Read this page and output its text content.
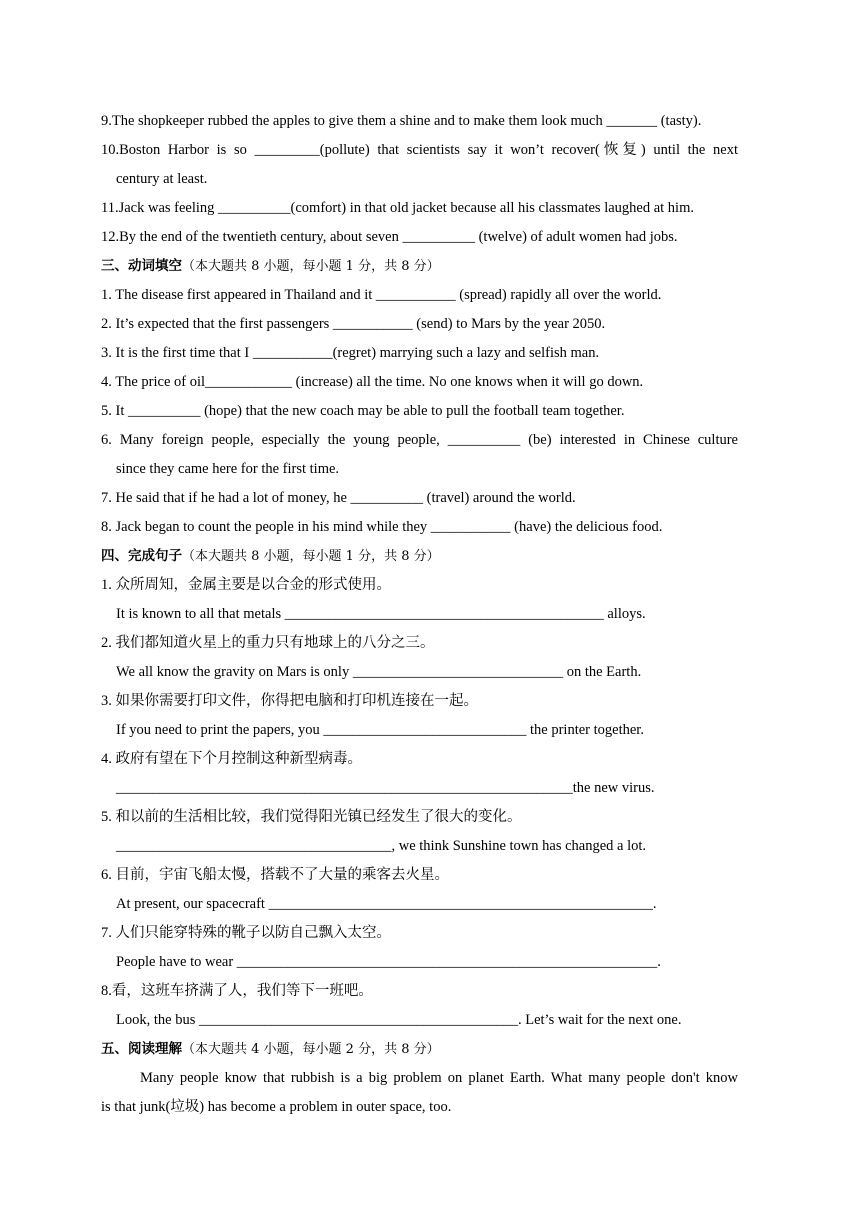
9.The shopkeeper rubbed the apples to give them a shine and to make them look much _______ (tasty).
10.Boston Harbor is so _________(pollute) that scientists say it won’t recover(恢复) until the next
century at least.
11.Jack was feeling __________(comfort) in that old jacket because all his classmates laughed at him.
12.By the end of the twentieth century, about seven __________ (twelve) of adult women had jobs.
三、动词填空（本大题共 8 小题，每小题 1 分，共 8 分）
1. The disease first appeared in Thailand and it ___________ (spread) rapidly all over the world.
2. It’s expected that the first passengers ___________ (send) to Mars by the year 2050.
3. It is the first time that I ___________(regret) marrying such a lazy and selfish man.
4. The price of oil____________ (increase) all the time. No one knows when it will go down.
5. It __________ (hope) that the new coach may be able to pull the football team together.
6. Many foreign people, especially the young people, __________ (be) interested in Chinese culture
since they came here for the first time.
7. He said that if he had a lot of money, he __________ (travel) around the world.
8. Jack began to count the people in his mind while they ___________ (have) the delicious food.
四、完成句子（本大题共 8 小题，每小题 1 分，共 8 分）
1. 众所周知，金属主要是以合金的形式使用。
It is known to all that metals ____________________________________________ alloys.
2. 我们都知道火星上的重力只有地球上的八分之三。
We all know the gravity on Mars is only _____________________________ on the Earth.
3. 如果你需要打印文件，你得把电脑和打印机连接在一起。
If you need to print the papers, you ____________________________ the printer together.
4. 政府有望在下个月控制这种新型病毒。
_______________________________________________________________the new virus.
5. 和以前的生活相比较，我们觉得阳光镇已经发生了很大的变化。
______________________________________, we think Sunshine town has changed a lot.
6. 目前，宇宙飞船太慢，搭载不了大量的乘客去火星。
At present, our spacecraft _____________________________________________________.
7. 人们只能穿特殊的靴子以防自己飘入太空。
People have to wear __________________________________________________________.
8.看，这班车挤满了人，我们等下一班吧。
Look, the bus ____________________________________________. Let’s wait for the next one.
五、阅读理解（本大题共 4 小题，每小题 2 分，共 8 分）
Many people know that rubbish is a big problem on planet Earth. What many people don't know
is that junk(垃圾) has become a problem in outer space, too.
